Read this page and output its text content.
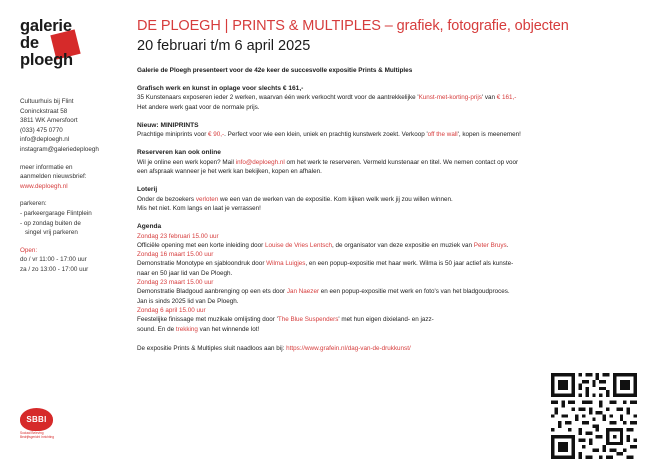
galerie
de
ploegh
Cultuurhuis bij Flint
Coninckstraat 58
3811 WK Amersfoort
(033) 475 0770
info@deploegh.nl
instagram@galeriedeploegh
meer informatie en
aanmelden nieuwsbrief:
www.deploegh.nl
parkeren:
- parkeergarage Flintplein
- op zondag buiten de
singel vrij parkeren
Open:
do / vr 11:00 - 17:00 uur
za / zo 13:00 - 17:00 uur
SBBI
Sociaal Beleving Bedrijfsgericht Inrichting
DE PLOEGH | PRINTS & MULTIPLES – grafiek, fotografie, objecten
20 februari t/m 6 april 2025
Galerie de Ploegh presenteert voor de 42e keer de succesvolle expositie Prints & Multiples
Grafisch werk en kunst in oplage voor slechts € 161,-
35 Kunstenaars exposeren ieder 2 werken, waarvan één werk verkocht wordt voor de aantrekkelijke 'Kunst-met-korting-prijs' van € 161,-
Het andere werk gaat voor de normale prijs.
Nieuw: MINIPRINTS
Prachtige miniprints voor € 90,-. Perfect voor wie een klein, uniek en prachtig kunstwerk zoekt. Verkoop 'off the wall', kopen is meenemen!
Reserveren kan ook online
Wil je online een werk kopen? Mail info@deploegh.nl om het werk te reserveren. Vermeld kunstenaar en titel. We nemen contact op voor
een afspraak wanneer je het werk kan bekijken, kopen en afhalen.
Loterij
Onder de bezoekers verloten we een van de werken van de expositie. Kom kijken welk werk jij zou willen winnen.
Mis het niet. Kom langs en laat je verrassen!
Agenda
Zondag 23 februari 15.00 uur
Officiële opening met een korte inleiding door Louise de Vries Lentsch, de organisator van deze expositie en muziek van Peter Bruys.
Zondag 16 maart 15.00 uur
Demonstratie Monotype en sjabloondruk door Wilma Luigjes, en een popup-expositie met haar werk. Wilma is 50 jaar actief als kunste-
naar en 50 jaar lid van De Ploegh.
Zondag 23 maart 15.00 uur
Demonstratie Bladgoud aanbrenging op een ets door Jan Naezer en een popup-expositie met werk en foto's van het bladgoudproces.
Jan is sinds 2025 lid van De Ploegh.
Zondag 6 april 15.00 uur
Feestelijke finissage met muzikale omlijsting door 'The Blue Suspenders' met hun eigen dixieland- en jazz-
sound. En de trekking van het winnende lot!
De expositie Prints & Multiples sluit naadloos aan bij: https://www.grafein.nl/dag-van-de-drukkunst/
